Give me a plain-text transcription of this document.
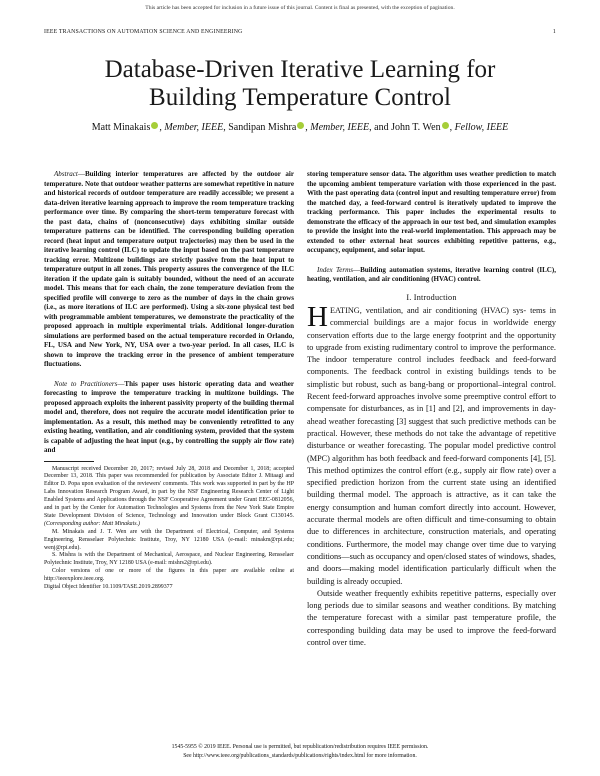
This article has been accepted for inclusion in a future issue of this journal. Content is final as presented, with the exception of pagination.
IEEE TRANSACTIONS ON AUTOMATION SCIENCE AND ENGINEERING	1
Database-Driven Iterative Learning for
Building Temperature Control
Matt Minakais , Member, IEEE, Sandipan Mishra , Member, IEEE, and John T. Wen , Fellow, IEEE

Abstract—Building interior temperatures are affected by the outdoor air temperature. Note that outdoor weather patterns are somewhat repetitive in nature and historical records of outdoor temperature are readily accessible; we present a data-driven iterative learning approach to improve the room temperature tracking performance over time. By comparing the short-term temperature forecast with the past data, chains of (nonconsecutive) days exhibiting similar outside temperature patterns can be identified. The corresponding building operation record (heat input and temperature output trajectories) may then be used in the iterative learning control (ILC) to update the input based on the past temperature tracking error. Multizone buildings are strictly passive from the heat input to temperature output in all zones. This property assures the convergence of the ILC iteration if the update gain is suitably bounded, without the need of an accurate model. This means that for each chain, the zone temperature deviation from the specified profile will converge to zero as the number of days in the chain grows (i.e., as more iterations of ILC are performed). Using a six-zone physical test bed with programmable ambient temperatures, we demonstrate the practicality of the proposed approach in multiple experimental trials. Additional longer-duration simulations are performed based on the actual temperature recorded in Orlando, FL, USA and New York, NY, USA over a two-year period. In all cases, ILC is shown to improve the tracking error in the presence of ambient temperature fluctuations.

Note to Practitioners—This paper uses historic operating data and weather forecasting to improve the temperature tracking in multizone buildings. The proposed approach exploits the inherent passivity property of the building thermal model and, therefore, does not require the accurate model identification prior to implementation. As a result, this method may be conveniently retrofitted to any existing heating, ventilation, and air conditioning system, provided that the system is capable of adjusting the heat input (e.g., by controlling the supply air flow rate) and

Manuscript received December 20, 2017; revised July 28, 2018 and December 1, 2018; accepted December 13, 2018. This paper was recommended for publication by Associate Editor J. Mitaagi and Editor D. Popa upon evaluation of the reviewers' comments. This work was supported in part by the HP Labs Innovation Research Program Award, in part by the NSF Engineering Research Center of Light Enabled Systems and Applications through the NSF Cooperative Agreement under Grant EEC-0812056, and in part by the Center for Automation Technologies and Systems from the New York State Empire State Development Division of Science, Technology and Innovation under Block Grant C130145. (Corresponding author: Matt Minakais.)

M. Minakais and J. T. Wen are with the Department of Electrical, Computer, and Systems Engineering, Rensselaer Polytechnic Institute, Troy, NY 12180 USA (e-mail: minakm@rpi.edu; wenj@rpi.edu).

S. Mishra is with the Department of Mechanical, Aerospace, and Nuclear Engineering, Rensselaer Polytechnic Institute, Troy, NY 12180 USA (e-mail: mishrs2@rpi.edu).

Color versions of one or more of the figures in this paper are available online at http://ieeexplore.ieee.org.

Digital Object Identifier 10.1109/TASE.2019.2899377

storing temperature sensor data. The algorithm uses weather prediction to match the upcoming ambient temperature variation with those experienced in the past. With the past operating data (control input and resulting temperature error) from the matched day, a feed-forward control is iteratively updated to improve the tracking performance. This paper includes the experimental results to demonstrate the efficacy of the approach in our test bed, and simulation examples to provide the insight into the real-world implementation. This approach may be extended to other external heat sources exhibiting repetitive patterns, e.g., occupancy, equipment, and solar input.

Index Terms—Building automation systems, iterative learning control (ILC), heating, ventilation, and air conditioning (HVAC) control.

I. Introduction
H EATING, ventilation, and air conditioning (HVAC) sys- tems in commercial buildings are a major focus in worldwide energy conservation efforts due to the large energy footprint and the opportunity to upgrade from existing rudimentary control to improve the performance. The indoor temperature control includes feedback and feed-forward components. The feedback control in existing buildings tends to be simplistic but robust, such as bang-bang or proportional–integral control. Recent feed-forward approaches involve some preemptive control effort to compensate for disturbances, as in [1] and [2], and improvements in day-ahead weather forecasting [3] suggest that such predictive methods can be practical. However, these methods do not take the advantage of repetitive disturbance or weather forecasting. The popular model predictive control (MPC) algorithm has both feedback and feed-forward components [4], [5]. This method optimizes the control effort (e.g., supply air flow rate) over a specified prediction horizon from the current state using an identified building thermal model. The approach is attractive, as it can take the energy consumption and human comfort directly into account. However, accurate thermal models are often difficult and time-consuming to obtain due to differences in architecture, construction materials, and operating conditions. Furthermore, the model may change over time due to varying conditions—such as occupancy and open/closed states of windows, shades, and doors—making model identification particularly difficult when the building is already occupied.

Outside weather frequently exhibits repetitive patterns, especially over long periods due to similar seasons and weather conditions. By matching the temperature forecast with a similar past temperature profile, the corresponding building data may be used to improve the feed-forward control over time.

1545-5955 © 2019 IEEE. Personal use is permitted, but republication/redistribution requires IEEE permission.
See http://www.ieee.org/publications_standards/publications/rights/index.html for more information.
